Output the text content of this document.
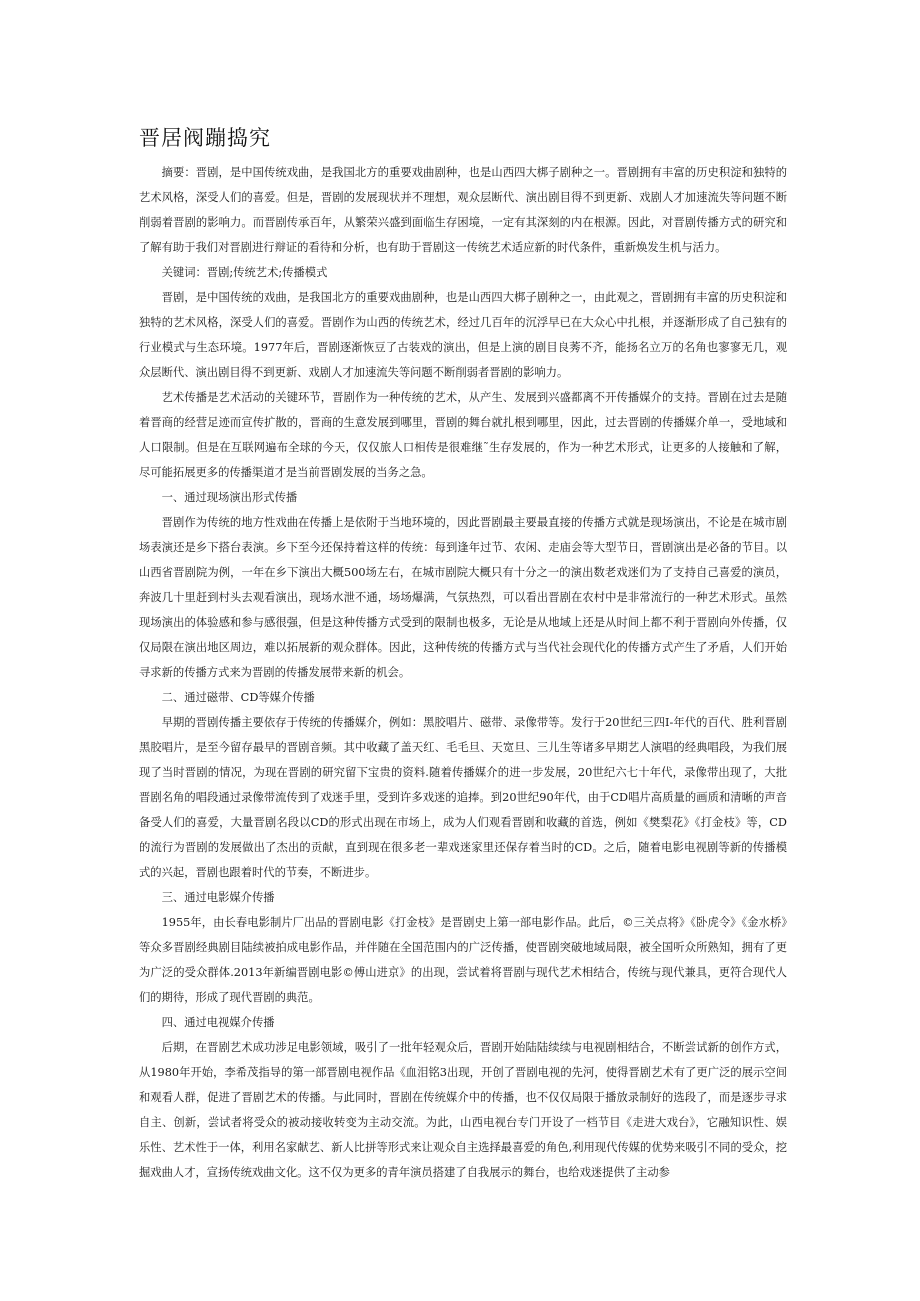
晋居阀蹦捣究

摘要：晋剧，是中国传统戏曲，是我国北方的重要戏曲剧种，也是山西四大梆子剧种之一。晋剧拥有丰富的历史积淀和独特的艺术风格，深受人们的喜爱。但是，晋剧的发展现状并不理想，观众层断代、演出剧目得不到更新、戏剧人才加速流失等问题不断削弱着晋剧的影响力。而晋剧传承百年，从繁荣兴盛到面临生存困境，一定有其深刻的内在根源。因此，对晋剧传播方式的研究和了解有助于我们对晋剧进行辩证的看待和分析，也有助于晋剧这一传统艺术适应新的时代条件，重新焕发生机与活力。

关键词：晋剧;传统艺术;传播模式

晋剧，是中国传统的戏曲，是我国北方的重要戏曲剧种，也是山西四大梆子剧种之一，由此观之，晋剧拥有丰富的历史积淀和独特的艺术风格，深受人们的喜爱。晋剧作为山西的传统艺术，经过几百年的沉浮早已在大众心中扎根，并逐渐形成了自己独有的行业模式与生态环境。1977年后，晋剧逐渐恢豆了古装戏的演出，但是上演的剧目良莠不齐，能扬名立万的名角也寥寥无几，观众层断代、演出剧目得不到更新、戏剧人才加速流失等问题不断削弱者晋剧的影响力。

艺术传播是艺术活动的关键环节，晋剧作为一种传统的艺术，从产生、发展到兴盛都离不开传播媒介的支持。晋剧在过去是随着晋商的经营足迹而宣传扩散的，晋商的生意发展到哪里，晋剧的舞台就扎根到哪里，因此，过去晋剧的传播媒介单一，受地域和人口限制。但是在互联网遍布全球的今天，仅仅旅人口相传是很难继˜生存发展的，作为一种艺术形式，让更多的人接触和了解，尽可能拓展更多的传播渠道才是当前晋剧发展的当务之急。

一、通过现场演出形式传播

晋剧作为传统的地方性戏曲在传播上是依附于当地环境的，因此晋剧最主要最直接的传播方式就是现场演出，不论是在城市剧场表演还是乡下搭台表演。乡下至今还保持着这样的传统：每到逢年过节、农闲、走庙会等大型节日，晋剧演出是必备的节目。以山西省晋剧院为例，一年在乡下演出大概500场左右，在城市剧院大概只有十分之一的演出数老戏迷们为了支持自己喜爱的演员，奔波几十里赶到村头去观看演出，现场水泄不通，场场爆满，气氛热烈，可以看出晋剧在农村中是非常流行的一种艺术形式。虽然现场演出的体验感和参与感很强，但是这种传播方式受到的限制也极多，无论是从地域上还是从时间上都不利于晋剧向外传播，仅仅局限在演出地区周边，难以拓展新的观众群体。因此，这种传统的传播方式与当代社会现代化的传播方式产生了矛盾，人们开始寻求新的传播方式来为晋剧的传播发展带来新的机会。

二、通过磁带、CD等媒介传播

早期的晋剧传播主要依存于传统的传播媒介，例如：黑胶唱片、磁带、录像带等。发行于20世纪三四I-年代的百代、胜利晋剧黑胶唱片，是至今留存最早的晋剧音频。其中收藏了盖天红、毛毛旦、天宽旦、三儿生等诸多早期艺人演唱的经典唱段，为我们展现了当时晋剧的情况，为现在晋剧的研究留下宝贵的资料.随着传播媒介的进一步发展，20世纪六七十年代，录像带出现了，大批晋剧名角的唱段通过录像带流传到了戏迷手里，受到许多戏迷的追捧。到20世纪90年代，由于CD唱片高质量的画质和清晰的声音备受人们的喜爱，大量晋剧名段以CD的形式出现在市场上，成为人们观看晋剧和收藏的首选，例如《樊梨花》《打金枝》等，CD的流行为晋剧的发展做出了杰出的贡献，直到现在很多老一辈戏迷家里还保存着当时的CD。之后，随着电影电视剧等新的传播模式的兴起，晋剧也跟着时代的节奏，不断进步。

三、通过电影媒介传播

1955年，由长春电影制片厂出品的晋剧电影《打金枝》是晋剧史上第一部电影作品。此后，©三关点将》《卧虎令》《金水桥》等众多晋剧经典剧目陆续被拍成电影作品，并伴随在全国范围内的广泛传播，使晋剧突破地域局限，被全国听众所熟知，拥有了更为广泛的受众群体.2013年新编晋剧电影©傅山进京》的出现，尝试着将晋剧与现代艺术相结合，传统与现代兼具，更符合现代人们的期待，形成了现代晋剧的典范。

四、通过电视媒介传播

后期，在晋剧艺术成功涉足电影领域，吸引了一批年轻观众后，晋剧开始陆陆续续与电视剧相结合，不断尝试新的创作方式，从1980年开始，李希茂指导的第一部晋剧电视作品《血泪铭3出现，开创了晋剧电视的先河，使得晋剧艺术有了更广泛的展示空间和观看人群，促进了晋剧艺术的传播。与此同时，晋剧在传统媒介中的传播，也不仅仅局限于播放录制好的选段了，而是逐步寻求自主、创新，尝试者将受众的被动接收转变为主动交流。为此，山西电视台专门开设了一档节目《走进大戏台》，它融知识性、娱乐性、艺术性于一体，利用名家献艺、新人比拼等形式来让观众自主选择最喜爱的角色,利用现代传媒的优势来吸引不同的受众，挖掘戏曲人才，宣扬传统戏曲文化。这不仅为更多的青年演员搭建了自我展示的舞台，也给戏迷提供了主动参
